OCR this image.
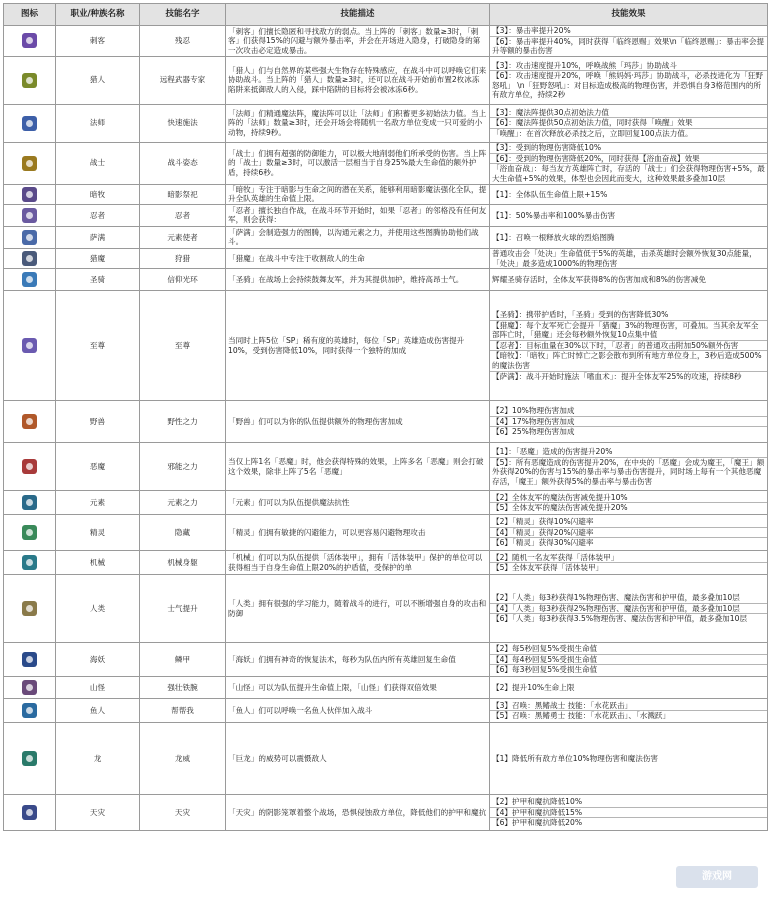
图标	职业/种族名称	技能名字	技能描述	技能效果
	刺客	残忍	「刺客」们擅长隐匿和寻找敌方的弱点。当上阵的「刺客」数量≥3时，「刺客」们获得15%的闪避与额外暴击率，并会在开场进入隐身，打破隐身的第一次攻击必定造成暴击。	【3】：暴击率提升20%
【6】：暴击率提升40%，同时获得「临终恩赐」效果\n「临终恩赐」：暴击率会提升等额的暴击伤害

	猎人	远程武器专家	「猎人」们与自然界的某些强大生物存在特殊感应，在战斗中可以呼唤它们来协助战斗。当上阵的「猎人」数量≥3时，还可以在战斗开始前布置2枚冰冻陷阱来抵御敌人的入侵，踩中陷阱的目标将会被冰冻6秒。	【3】：攻击速度提升10%，呼唤战熊「玛莎」协助战斗
【6】：攻击速度提升20%，呼唤「熊妈妈·玛莎」协助战斗，必杀技进化为「狂野怒吼」 \n「狂野怒吼」：对目标造成极高的物理伤害，并恐惧自身3格范围内的所有敌方单位，持续2秒

	法师	快速施法	「法师」们精通魔法阵，魔法阵可以让「法师」们积蓄更多初始法力值。当上阵的「法师」数量≥3时，还会开场会将随机一名敌方单位变成一只可爱的小动物，持续9秒。	【3】：魔法阵提供30点初始法力值
【6】：魔法阵提供50点初始法力值，同时获得「唤醒」效果
「唤醒」：在首次释放必杀技之后，立即回复100点法力值。

	战士	战斗姿态	「战士」们拥有超强的防御能力，可以极大地削弱他们所承受的伤害。当上阵的「战士」数量≥3时，可以激活一层相当于自身25%最大生命值的额外护盾，持续6秒。	【3】：受到的物理伤害降低10%
【6】：受到的物理伤害降低20%，同时获得【浴血奋战】效果
「浴血奋战」：每当友方英雄阵亡时，存活的「战士」们会获得物理伤害+5%，最大生命值+5%的效果，体型也会因此而变大，这种效果最多叠加10层

	暗牧	暗影祭祀	「暗牧」专注于暗影与生命之间的潜在关系，能够利用暗影魔法强化全队，提升全队英雄的生命值上限。	【1】：全体队伍生命值上限+15%

	忍者	忍者	「忍者」擅长独自作战，在战斗环节开始时，如果「忍者」的邻格没有任何友军，则会获得：	【1】：50%暴击率和100%暴击伤害

	萨满	元素使者	「萨满」会制造强力的图腾，以沟通元素之力，并使用这些图腾协助他们战斗。	【1】：召唤一根释放火球的烈焰图腾

	猎魔	狩猎	「猎魔」在战斗中专注于收割敌人的生命	普通攻击会「处决」生命值低于5%的英雄，击杀英雄时会额外恢复30点能量，「处决」最多造成1000%的物理伤害

	圣骑	信仰光环	「圣骑」在战场上会持续鼓舞友军，并为其提供加护，维持高昂士气。	辉耀圣骑存活时，全体友军获得8%的伤害加成和8%的伤害减免

	至尊	至尊	当同时上阵5位「SP」稀有度的英雄时，每位「SP」英雄造成伤害提升10%，受到伤害降低10%，同时获得一个独特的加成	【圣骑】：携带护盾时，「圣骑」受到的伤害降低30%
【猎魔】：每个友军死亡会提升「猎魔」3%的物理伤害，可叠加。当其余友军全部阵亡时，「猎魔」还会每秒额外恢复10点集中值
【忍者】：目标血量在30%以下时，「忍者」的普通攻击附加50%额外伤害
【暗牧】：「暗牧」阵亡时悼亡之影会散布到所有地方单位身上，3秒后造成500%的魔法伤害
【萨满】：战斗开始时施法「嗜血术」：提升全体友军25%的攻速，持续8秒

	野兽	野性之力	「野兽」们可以为你的队伍提供额外的物理伤害加成	【2】10%物理伤害加成
【4】17%物理伤害加成
【6】25%物理伤害加成

	恶魔	邪能之力	当仅上阵1名「恶魔」时，他会获得特殊的效果，上阵多名「恶魔」则会打破这个效果，除非上阵了5名「恶魔」	【1】：「恶魔」造成的伤害提升20%
【5】：所有恶魔造成的伤害提升20%，在中央的「恶魔」会成为魔王，「魔王」额外获得20%的伤害与15%的暴击率与暴击伤害提升，同时场上每有一个其他恶魔存活，「魔王」额外获得5%的暴击率与暴击伤害

	元素	元素之力	「元素」们可以为队伍提供魔法抗性	【2】全体友军的魔法伤害减免提升10%
【5】全体友军的魔法伤害减免提升20%

	精灵	隐藏	「精灵」们拥有敏捷的闪避能力，可以更容易闪避物理攻击	【2】「精灵」获得10%闪避率
【4】「精灵」获得20%闪避率
【6】「精灵」获得30%闪避率

	机械	机械身躯	「机械」们可以为队伍提供「活体装甲」，拥有「活体装甲」保护的单位可以获得相当于自身生命值上限20%的护盾值，受保护的单	【2】随机一名友军获得「活体装甲」
【5】全体友军获得「活体装甲」

	人类	士气提升	「人类」拥有很强的学习能力，随着战斗的进行，可以不断增强自身的攻击和防御	【2】「人类」每3秒获得1%物理伤害、魔法伤害和护甲值，最多叠加10层
【4】「人类」每3秒获得2%物理伤害、魔法伤害和护甲值，最多叠加10层
【6】「人类」每3秒获得3.5%物理伤害、魔法伤害和护甲值，最多叠加10层

	海妖	鳞甲	「海妖」们拥有神奇的恢复法术，每秒为队伍内所有英雄回复生命值	【2】每5秒回复5%受损生命值
【4】每4秒回复5%受损生命值
【6】每3秒回复5%受损生命值

	山怪	强壮铁腕	「山怪」可以为队伍提升生命值上限，「山怪」们获得双倍效果	【2】提升10%生命上限

	鱼人	帮帮我	「鱼人」们可以呼唤一名鱼人伙伴加入战斗	【3】召唤：黑鳍战士 技能：「水花跃击」
【5】召唤：黑鳍勇士 技能：「水花跃击」、「水溅跃」

	龙	龙威	「巨龙」的威势可以震慑敌人	【1】降低所有敌方单位10%物理伤害和魔法伤害

	天灾	天灾	「天灾」的阴影笼罩着整个战场，恐惧侵蚀敌方单位，降低他们的护甲和魔抗	【2】护甲和魔抗降低10%
【4】护甲和魔抗降低15%
【6】护甲和魔抗降低20%
游戏网
